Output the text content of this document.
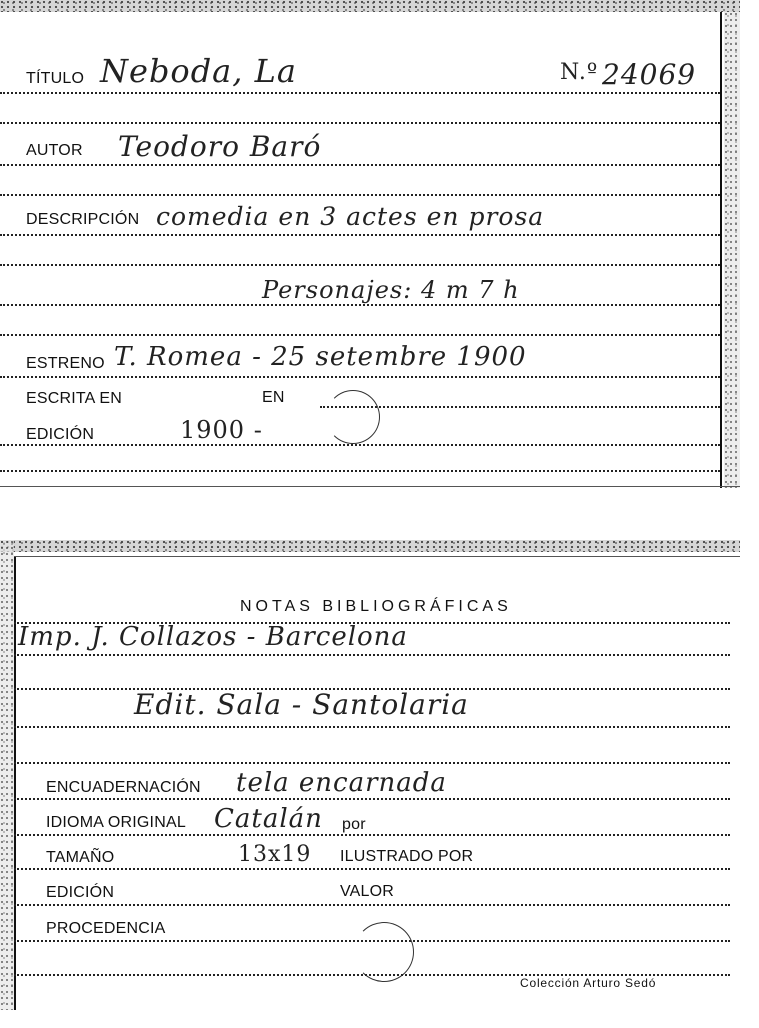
TÍTULO Neboda, La	N.º 24069
AUTOR Teodoro Baró
DESCRIPCIÓN comedia en 3 actes en prosa
Personajes: 4 m 7 h
ESTRENO T. Romea - 25 setembre 1900
ESCRITA EN	EN
EDICIÓN	1900 -
NOTAS BIBLIOGRÁFICAS
Imp. J. Collazos - Barcelona
Edit. Sala - Santolaria
ENCUADERNACIÓN tela encarnada
IDIOMA ORIGINAL Catalán por
TAMAÑO	13x19 ILUSTRADO POR
EDICIÓN	VALOR
PROCEDENCIA
Colección Arturo Sedó
